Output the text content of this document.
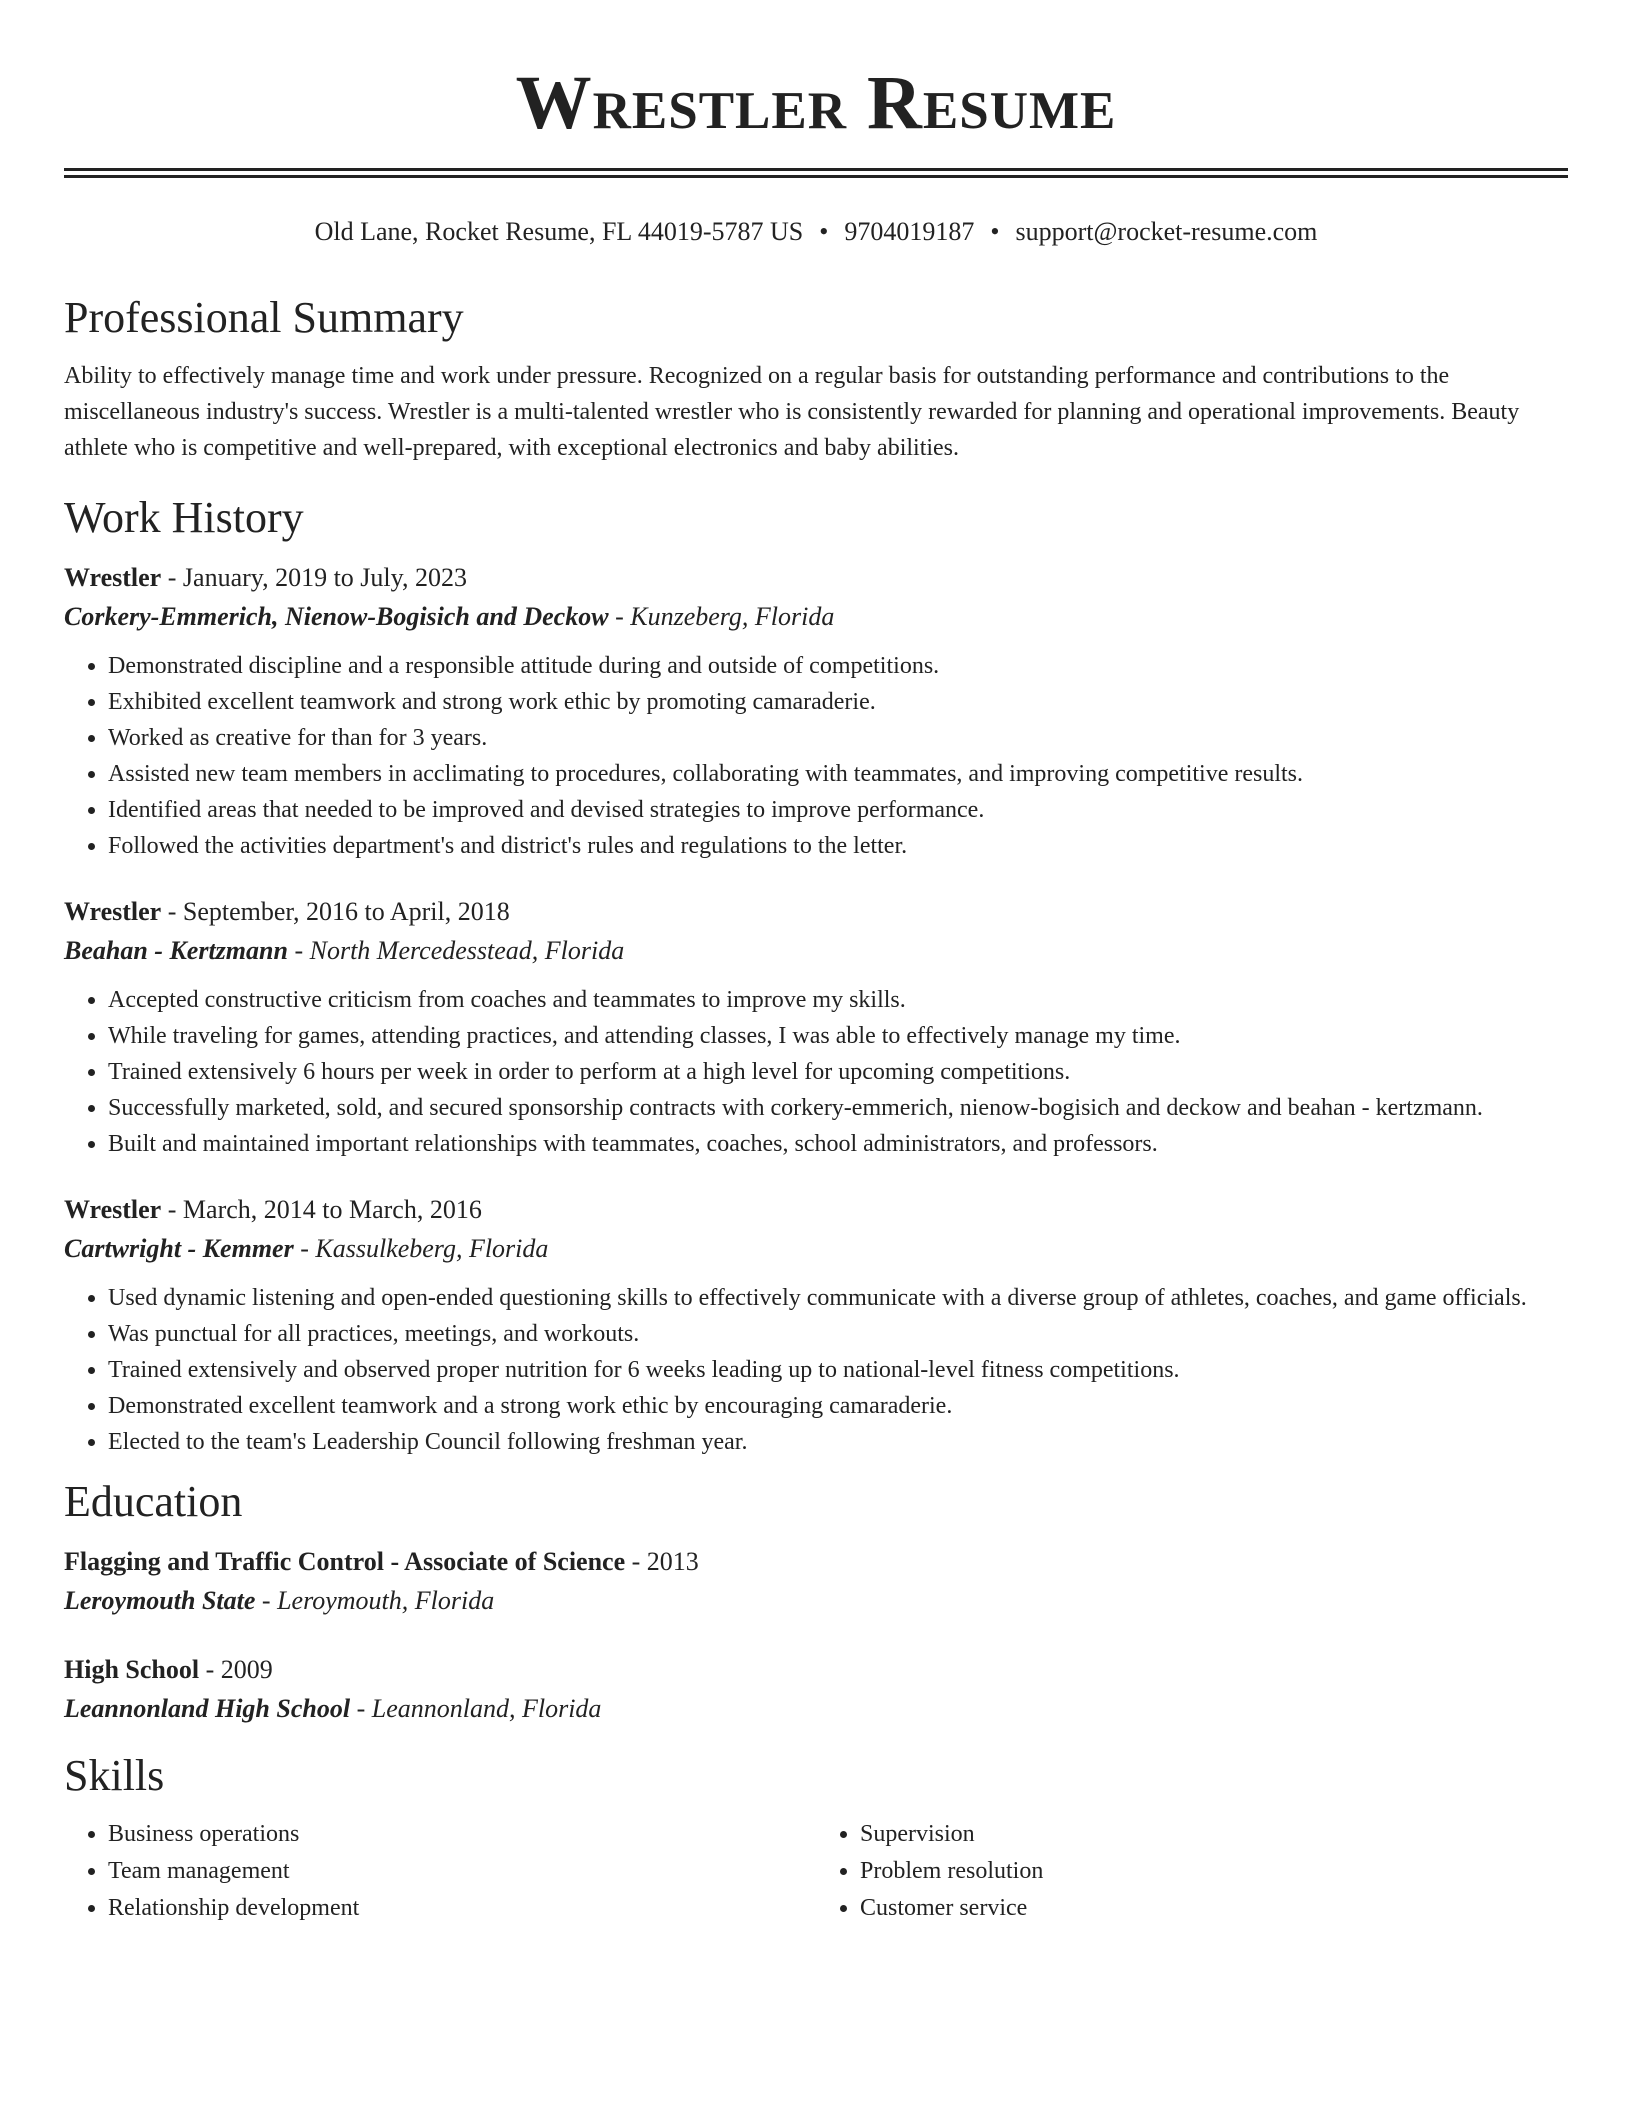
Wrestler Resume
Old Lane, Rocket Resume, FL 44019-5787 US • 9704019187 • support@rocket-resume.com
Professional Summary

Ability to effectively manage time and work under pressure. Recognized on a regular basis for outstanding performance and contributions to the miscellaneous industry's success. Wrestler is a multi-talented wrestler who is consistently rewarded for planning and operational improvements. Beauty athlete who is competitive and well-prepared, with exceptional electronics and baby abilities.

Work History
Wrestler - January, 2019 to July, 2023
Corkery-Emmerich, Nienow-Bogisich and Deckow - Kunzeberg, Florida
• Demonstrated discipline and a responsible attitude during and outside of competitions.
• Exhibited excellent teamwork and strong work ethic by promoting camaraderie.
• Worked as creative for than for 3 years.
• Assisted new team members in acclimating to procedures, collaborating with teammates, and improving competitive results.
• Identified areas that needed to be improved and devised strategies to improve performance.
• Followed the activities department's and district's rules and regulations to the letter.
Wrestler - September, 2016 to April, 2018
Beahan - Kertzmann - North Mercedesstead, Florida
• Accepted constructive criticism from coaches and teammates to improve my skills.
• While traveling for games, attending practices, and attending classes, I was able to effectively manage my time.
• Trained extensively 6 hours per week in order to perform at a high level for upcoming competitions.
• Successfully marketed, sold, and secured sponsorship contracts with corkery-emmerich, nienow-bogisich and deckow and beahan - kertzmann.
• Built and maintained important relationships with teammates, coaches, school administrators, and professors.
Wrestler - March, 2014 to March, 2016
Cartwright - Kemmer - Kassulkeberg, Florida
• Used dynamic listening and open-ended questioning skills to effectively communicate with a diverse group of athletes, coaches, and game officials.
• Was punctual for all practices, meetings, and workouts.
• Trained extensively and observed proper nutrition for 6 weeks leading up to national-level fitness competitions.
• Demonstrated excellent teamwork and a strong work ethic by encouraging camaraderie.
• Elected to the team's Leadership Council following freshman year.
Education
Flagging and Traffic Control - Associate of Science - 2013
Leroymouth State - Leroymouth, Florida
High School - 2009
Leannonland High School - Leannonland, Florida
Skills
• Business operations
• Team management
• Relationship development
• Supervision
• Problem resolution
• Customer service
